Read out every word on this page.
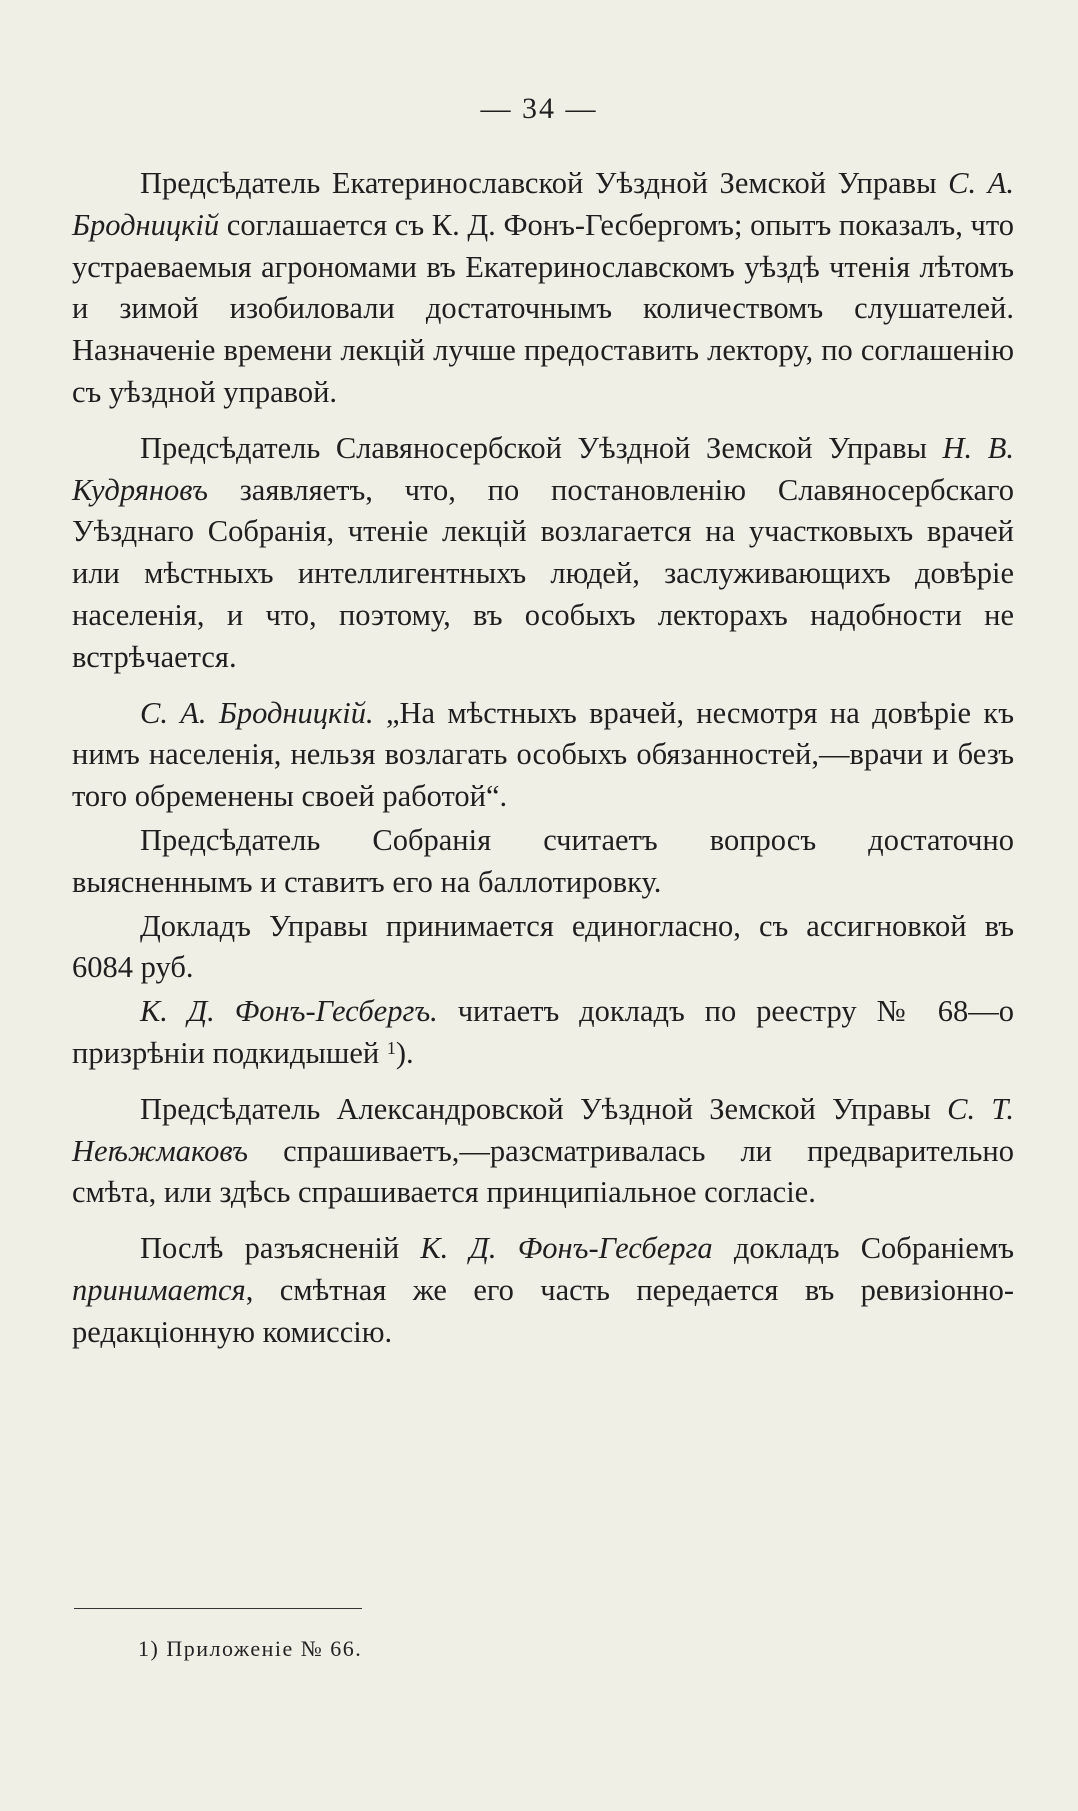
— 34 —

Предсѣдатель Екатеринославской Уѣздной Земской Управы С. А. Бродницкій соглашается съ К. Д. Фонъ-Гесбергомъ; опытъ показалъ, что устраеваемыя агрономами въ Екатеринославскомъ уѣздѣ чтенія лѣтомъ и зимой изобиловали достаточнымъ количествомъ слушателей. Назначеніе времени лекцій лучше предоставить лектору, по соглашенію съ уѣздной управой.

Предсѣдатель Славяносербской Уѣздной Земской Управы Н. В. Кудряновъ заявляетъ, что, по постановленію Славяносербскаго Уѣзднаго Собранія, чтеніе лекцій возлагается на участковыхъ врачей или мѣстныхъ интеллигентныхъ людей, заслуживающихъ довѣріе населенія, и что, поэтому, въ особыхъ лекторахъ надобности не встрѣчается.

С. А. Бродницкій. „На мѣстныхъ врачей, несмотря на довѣріе къ нимъ населенія, нельзя возлагать особыхъ обязанностей,—врачи и безъ того обременены своей работой“.

Предсѣдатель Собранія считаетъ вопросъ достаточно выясненнымъ и ставитъ его на баллотировку.

Докладъ Управы принимается единогласно, съ ассигновкой въ 6084 руб.

К. Д. Фонъ-Гесбергъ. читаетъ докладъ по реестру № 68—о призрѣніи подкидышей $^1$).

Предсѣдатель Александровской Уѣздной Земской Управы С. Т. Неѣжмаковъ спрашиваетъ,—разсматривалась ли предварительно смѣта, или здѣсь спрашивается принципіальное согласіе.

Послѣ разъясненій К. Д. Фонъ-Гесберга докладъ Собраніемъ принимается, смѣтная же его часть передается въ ревизіонно-редакціонную комиссію.

1) Приложеніе № 66.
